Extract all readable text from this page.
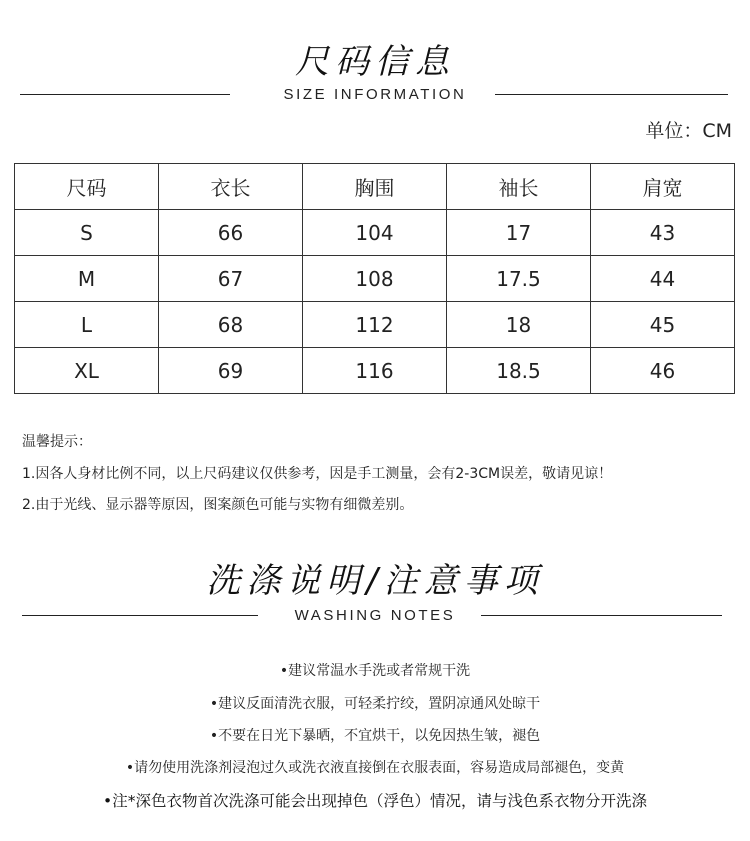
尺码信息
SIZE INFORMATION
单位：CM
尺码	衣长	胸围	袖长	肩宽
S	66	104	17	43
M	67	108	17.5	44
L	68	112	18	45
XL	69	116	18.5	46
温馨提示：
1.因各人身材比例不同，以上尺码建议仅供参考，因是手工测量，会有2-3CM误差，敬请见谅！
2.由于光线、显示器等原因，图案颜色可能与实物有细微差别。
洗涤说明/注意事项
WASHING NOTES
•建议常温水手洗或者常规干洗
•建议反面清洗衣服，可轻柔拧绞，置阴凉通风处晾干
•不要在日光下暴晒，不宜烘干，以免因热生皱，褪色
•请勿使用洗涤剂浸泡过久或洗衣液直接倒在衣服表面，容易造成局部褪色，变黄
•注*深色衣物首次洗涤可能会出现掉色（浮色）情况，请与浅色系衣物分开洗涤
